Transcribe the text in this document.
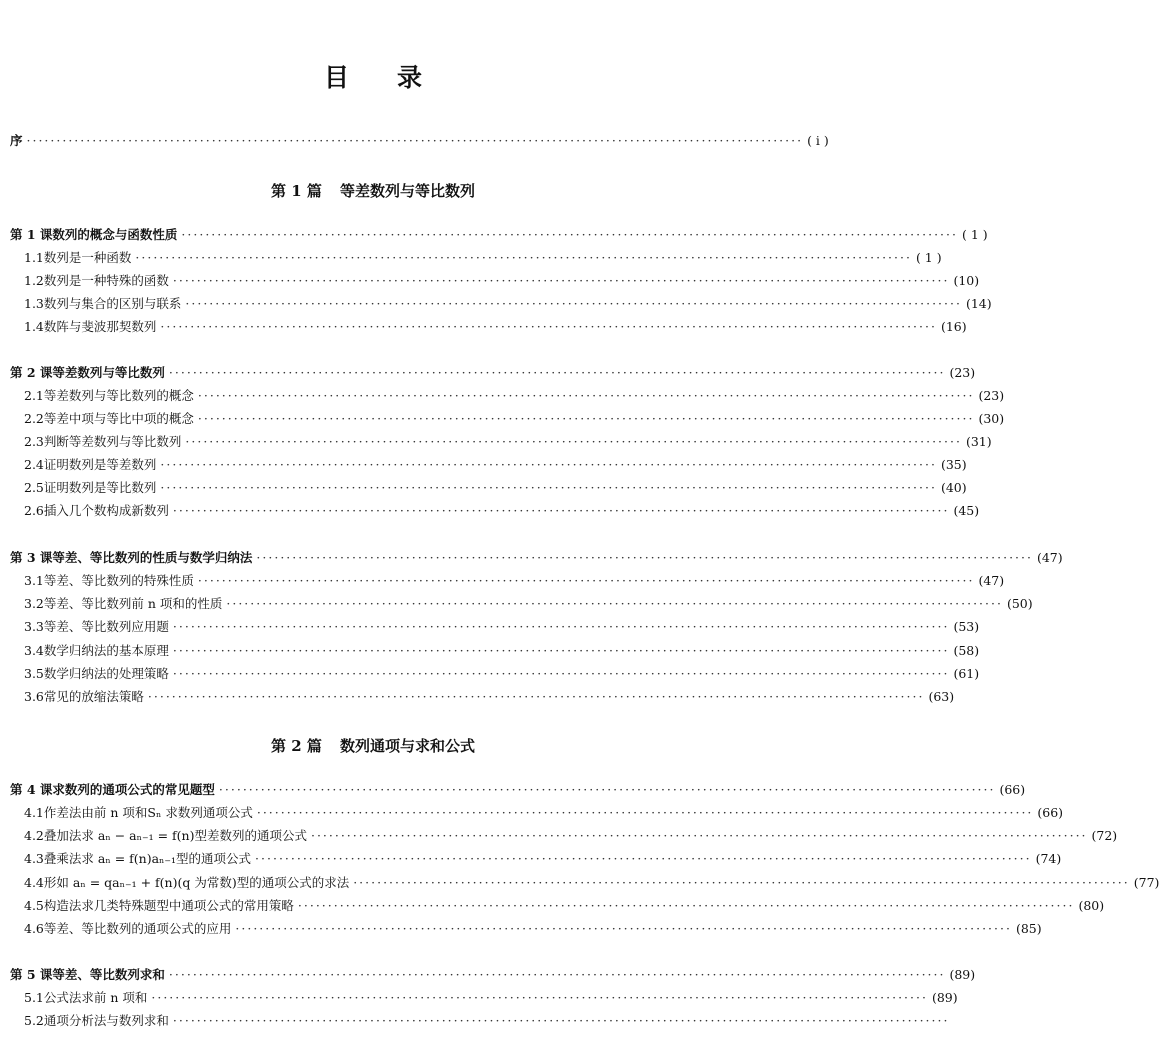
目 录
序 ·································································································································· ( ⅰ )
第 1 篇 等差数列与等比数列
第 1 课 数列的概念与函数性质 ·································································································································· ( 1 )
1.1 数列是一种函数 ·································································································································· ( 1 )
1.2 数列是一种特殊的函数 ·································································································································· (10)
1.3 数列与集合的区别与联系 ·································································································································· (14)
1.4 数阵与斐波那契数列 ·································································································································· (16)
第 2 课 等差数列与等比数列 ·································································································································· (23)
2.1 等差数列与等比数列的概念 ·································································································································· (23)
2.2 等差中项与等比中项的概念 ·································································································································· (30)
2.3 判断等差数列与等比数列 ·································································································································· (31)
2.4 证明数列是等差数列 ·································································································································· (35)
2.5 证明数列是等比数列 ·································································································································· (40)
2.6 插入几个数构成新数列 ·································································································································· (45)
第 3 课 等差、等比数列的性质与数学归纳法 ·································································································································· (47)
3.1 等差、等比数列的特殊性质 ·································································································································· (47)
3.2 等差、等比数列前 n 项和的性质 ·································································································································· (50)
3.3 等差、等比数列应用题 ·································································································································· (53)
3.4 数学归纳法的基本原理 ·································································································································· (58)
3.5 数学归纳法的处理策略 ·································································································································· (61)
3.6 常见的放缩法策略 ·································································································································· (63)
第 2 篇 数列通项与求和公式
第 4 课 求数列的通项公式的常见题型 ·································································································································· (66)
4.1 作差法由前 n 项和Sₙ 求数列通项公式 ·································································································································· (66)
4.2 叠加法求 aₙ − aₙ₋₁ = f(n)型差数列的通项公式 ·································································································································· (72)
4.3 叠乘法求 aₙ = f(n)aₙ₋₁型的通项公式 ·································································································································· (74)
4.4 形如 aₙ = qaₙ₋₁ + f(n)(q 为常数)型的通项公式的求法 ·································································································································· (77)
4.5 构造法求几类特殊题型中通项公式的常用策略 ·································································································································· (80)
4.6 等差、等比数列的通项公式的应用 ·································································································································· (85)
第 5 课 等差、等比数列求和 ·································································································································· (89)
5.1 公式法求前 n 项和 ·································································································································· (89)
5.2 通项分析法与数列求和 ··································································································································
